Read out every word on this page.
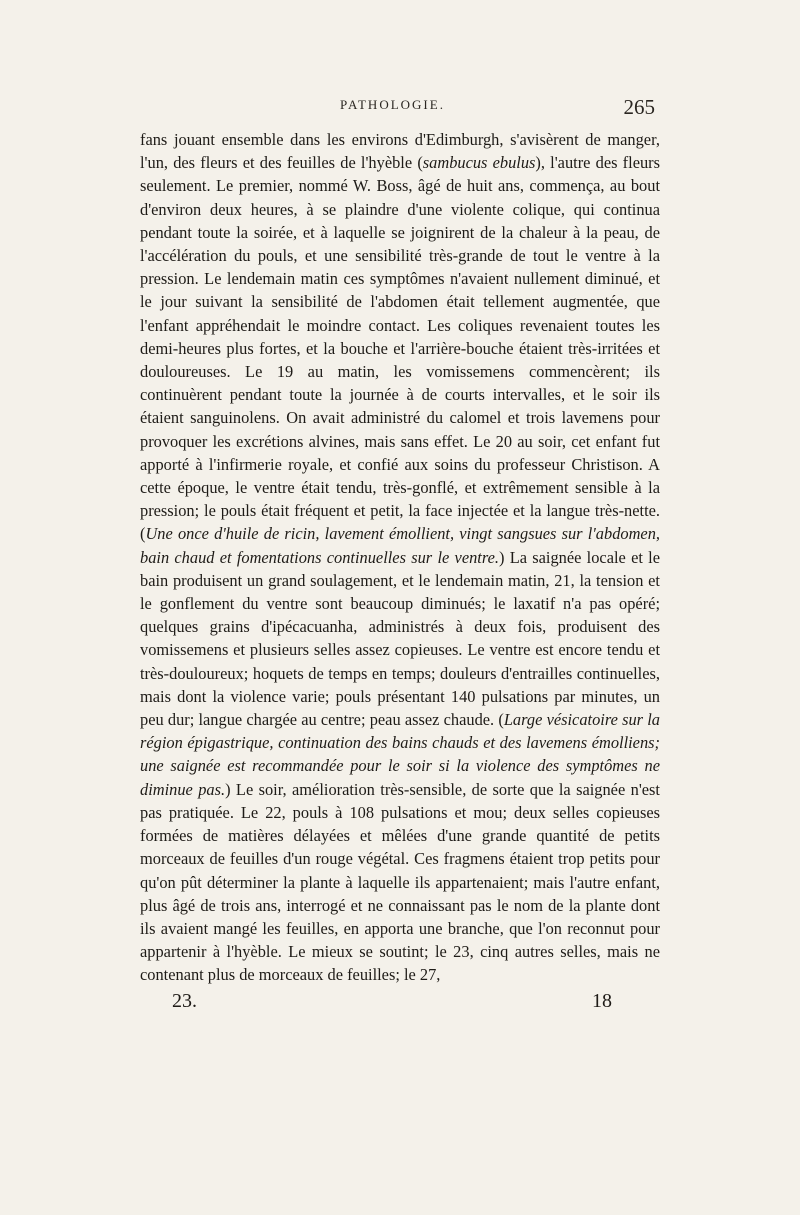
PATHOLOGIE.	265

fans jouant ensemble dans les environs d'Edimburgh, s'avisèrent de manger, l'un, des fleurs et des feuilles de l'hyèble (sambucus ebulus), l'autre des fleurs seulement. Le premier, nommé W. Boss, âgé de huit ans, commença, au bout d'environ deux heures, à se plaindre d'une violente colique, qui continua pendant toute la soirée, et à laquelle se joignirent de la chaleur à la peau, de l'accélération du pouls, et une sensibilité très-grande de tout le ventre à la pression. Le lendemain matin ces symptômes n'avaient nullement diminué, et le jour suivant la sensibilité de l'abdomen était tellement augmentée, que l'enfant appréhendait le moindre contact. Les coliques revenaient toutes les demi-heures plus fortes, et la bouche et l'arrière-bouche étaient très-irritées et douloureuses. Le 19 au matin, les vomissemens commencèrent; ils continuèrent pendant toute la journée à de courts intervalles, et le soir ils étaient sanguinolens. On avait administré du calomel et trois lavemens pour provoquer les excrétions alvines, mais sans effet. Le 20 au soir, cet enfant fut apporté à l'infirmerie royale, et confié aux soins du professeur Christison. A cette époque, le ventre était tendu, très-gonflé, et extrêmement sensible à la pression; le pouls était fréquent et petit, la face injectée et la langue très-nette. (Une once d'huile de ricin, lavement émollient, vingt sangsues sur l'abdomen, bain chaud et fomentations continuelles sur le ventre.) La saignée locale et le bain produisent un grand soulagement, et le lendemain matin, 21, la tension et le gonflement du ventre sont beaucoup diminués; le laxatif n'a pas opéré; quelques grains d'ipécacuanha, administrés à deux fois, produisent des vomissemens et plusieurs selles assez copieuses. Le ventre est encore tendu et très-douloureux; hoquets de temps en temps; douleurs d'entrailles continuelles, mais dont la violence varie; pouls présentant 140 pulsations par minutes, un peu dur; langue chargée au centre; peau assez chaude. (Large vésicatoire sur la région épigastrique, continuation des bains chauds et des lavemens émolliens; une saignée est recommandée pour le soir si la violence des symptômes ne diminue pas.) Le soir, amélioration très-sensible, de sorte que la saignée n'est pas pratiquée. Le 22, pouls à 108 pulsations et mou; deux selles copieuses formées de matières délayées et mêlées d'une grande quantité de petits morceaux de feuilles d'un rouge végétal. Ces fragmens étaient trop petits pour qu'on pût déterminer la plante à laquelle ils appartenaient; mais l'autre enfant, plus âgé de trois ans, interrogé et ne connaissant pas le nom de la plante dont ils avaient mangé les feuilles, en apporta une branche, que l'on reconnut pour appartenir à l'hyèble. Le mieux se soutint; le 23, cinq autres selles, mais ne contenant plus de morceaux de feuilles; le 27,

23.	18
